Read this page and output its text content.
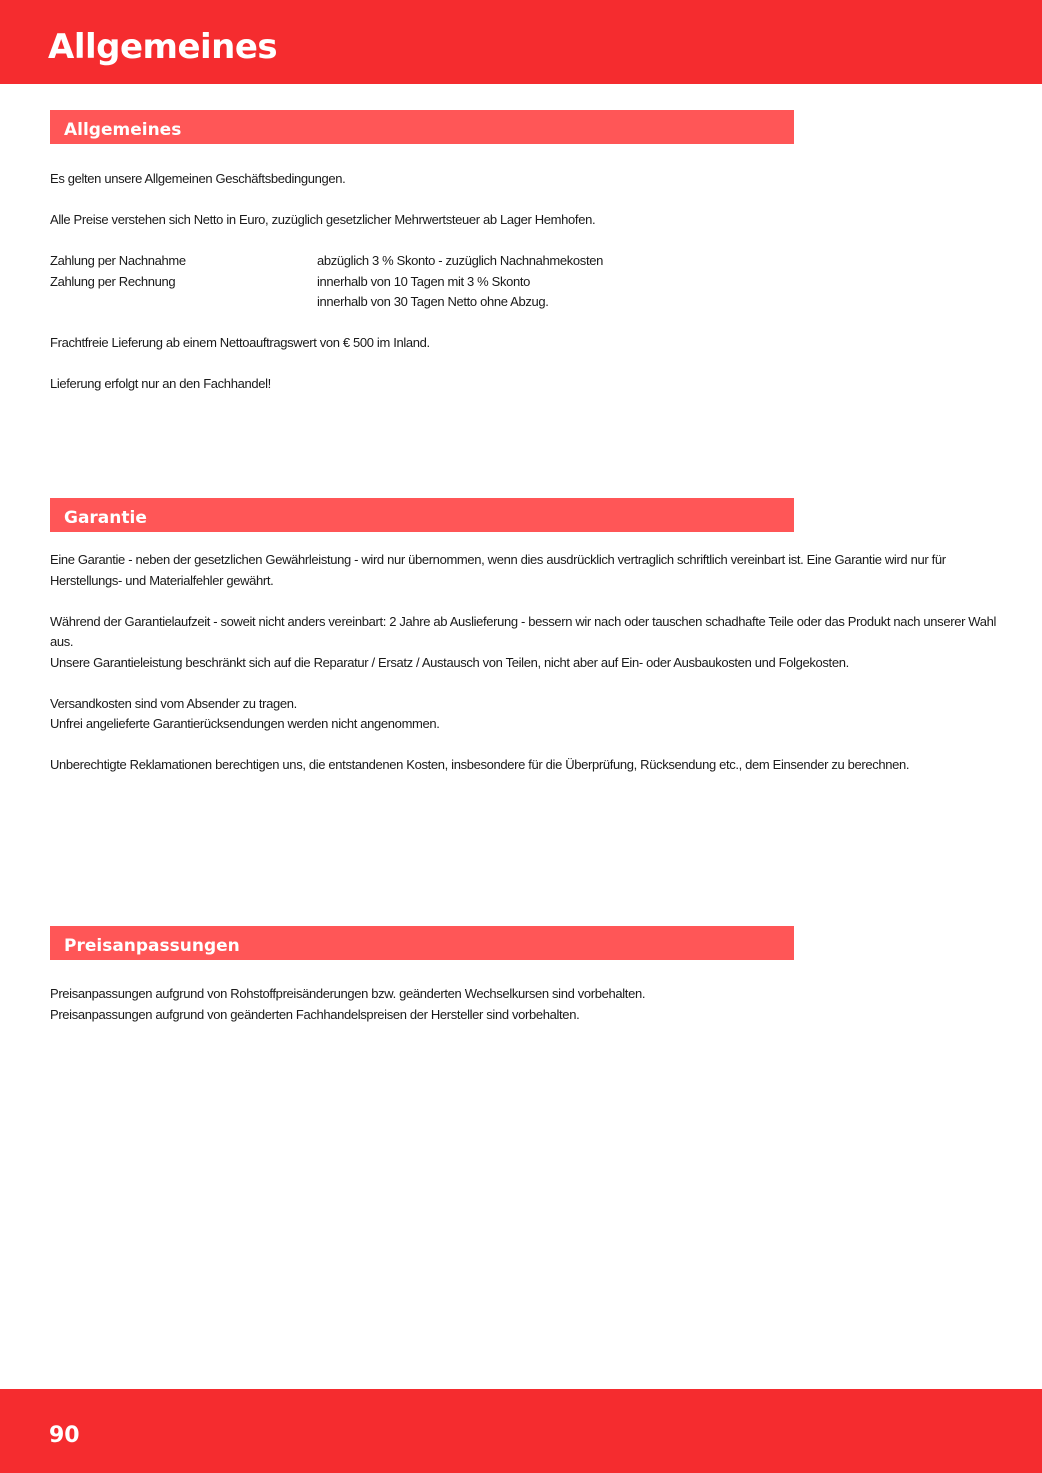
Allgemeines
Allgemeines

Es gelten unsere Allgemeinen Geschäftsbedingungen.

Alle Preise verstehen sich Netto in Euro, zuzüglich gesetzlicher Mehrwertsteuer ab Lager Hemhofen.

Zahlung per Nachnahme	abzüglich 3 % Skonto - zuzüglich Nachnahmekosten
Zahlung per Rechnung	innerhalb von 10 Tagen mit 3 % Skonto
	innerhalb von 30 Tagen Netto ohne Abzug.

Frachtfreie Lieferung ab einem Nettoauftragswert von € 500 im Inland.

Lieferung erfolgt nur an den Fachhandel!

Garantie

Eine Garantie - neben der gesetzlichen Gewährleistung - wird nur übernommen, wenn dies ausdrücklich vertraglich schriftlich vereinbart ist. Eine Garantie wird nur für Herstellungs- und Materialfehler gewährt.

Während der Garantielaufzeit - soweit nicht anders vereinbart: 2 Jahre ab Auslieferung - bessern wir nach oder tauschen schadhafte Teile oder das Produkt nach unserer Wahl aus.

Unsere Garantieleistung beschränkt sich auf die Reparatur / Ersatz / Austausch von Teilen, nicht aber auf Ein- oder Ausbaukosten und Folgekosten.

Versandkosten sind vom Absender zu tragen.

Unfrei angelieferte Garantierücksendungen werden nicht angenommen.

Unberechtigte Reklamationen berechtigen uns, die entstandenen Kosten, insbesondere für die Überprüfung, Rücksendung etc., dem Einsender zu berechnen.

Preisanpassungen

Preisanpassungen aufgrund von Rohstoffpreisänderungen bzw. geänderten Wechselkursen sind vorbehalten.

Preisanpassungen aufgrund von geänderten Fachhandelspreisen der Hersteller sind vorbehalten.

90
